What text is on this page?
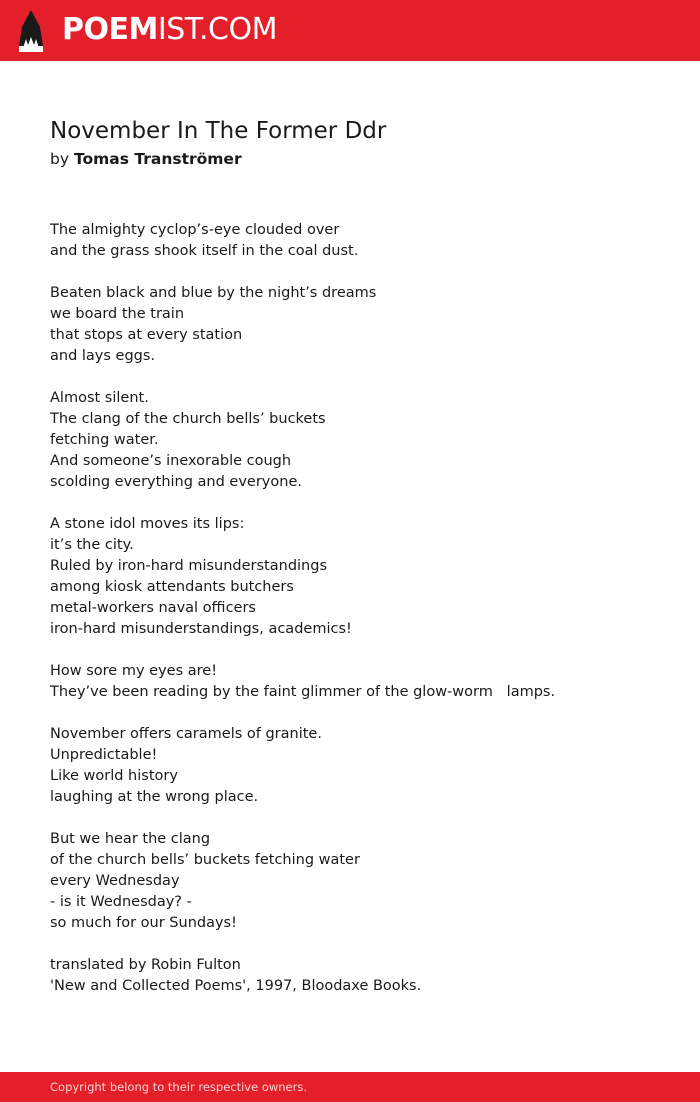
POEMIST.COM
November In The Former Ddr
by Tomas Tranströmer
The almighty cyclop’s-eye clouded over
and the grass shook itself in the coal dust.
Beaten black and blue by the night’s dreams
we board the train
that stops at every station
and lays eggs.
Almost silent.
The clang of the church bells’ buckets
fetching water.
And someone’s inexorable cough
scolding everything and everyone.
A stone idol moves its lips:
it’s the city.
Ruled by iron-hard misunderstandings
among kiosk attendants butchers
metal-workers naval officers
iron-hard misunderstandings, academics!
How sore my eyes are!
They’ve been reading by the faint glimmer of the glow-worm   lamps.
November offers caramels of granite.
Unpredictable!
Like world history
laughing at the wrong place.
But we hear the clang
of the church bells’ buckets fetching water
every Wednesday
- is it Wednesday? -
so much for our Sundays!
translated by Robin Fulton
'New and Collected Poems', 1997, Bloodaxe Books.
Copyright belong to their respective owners.
